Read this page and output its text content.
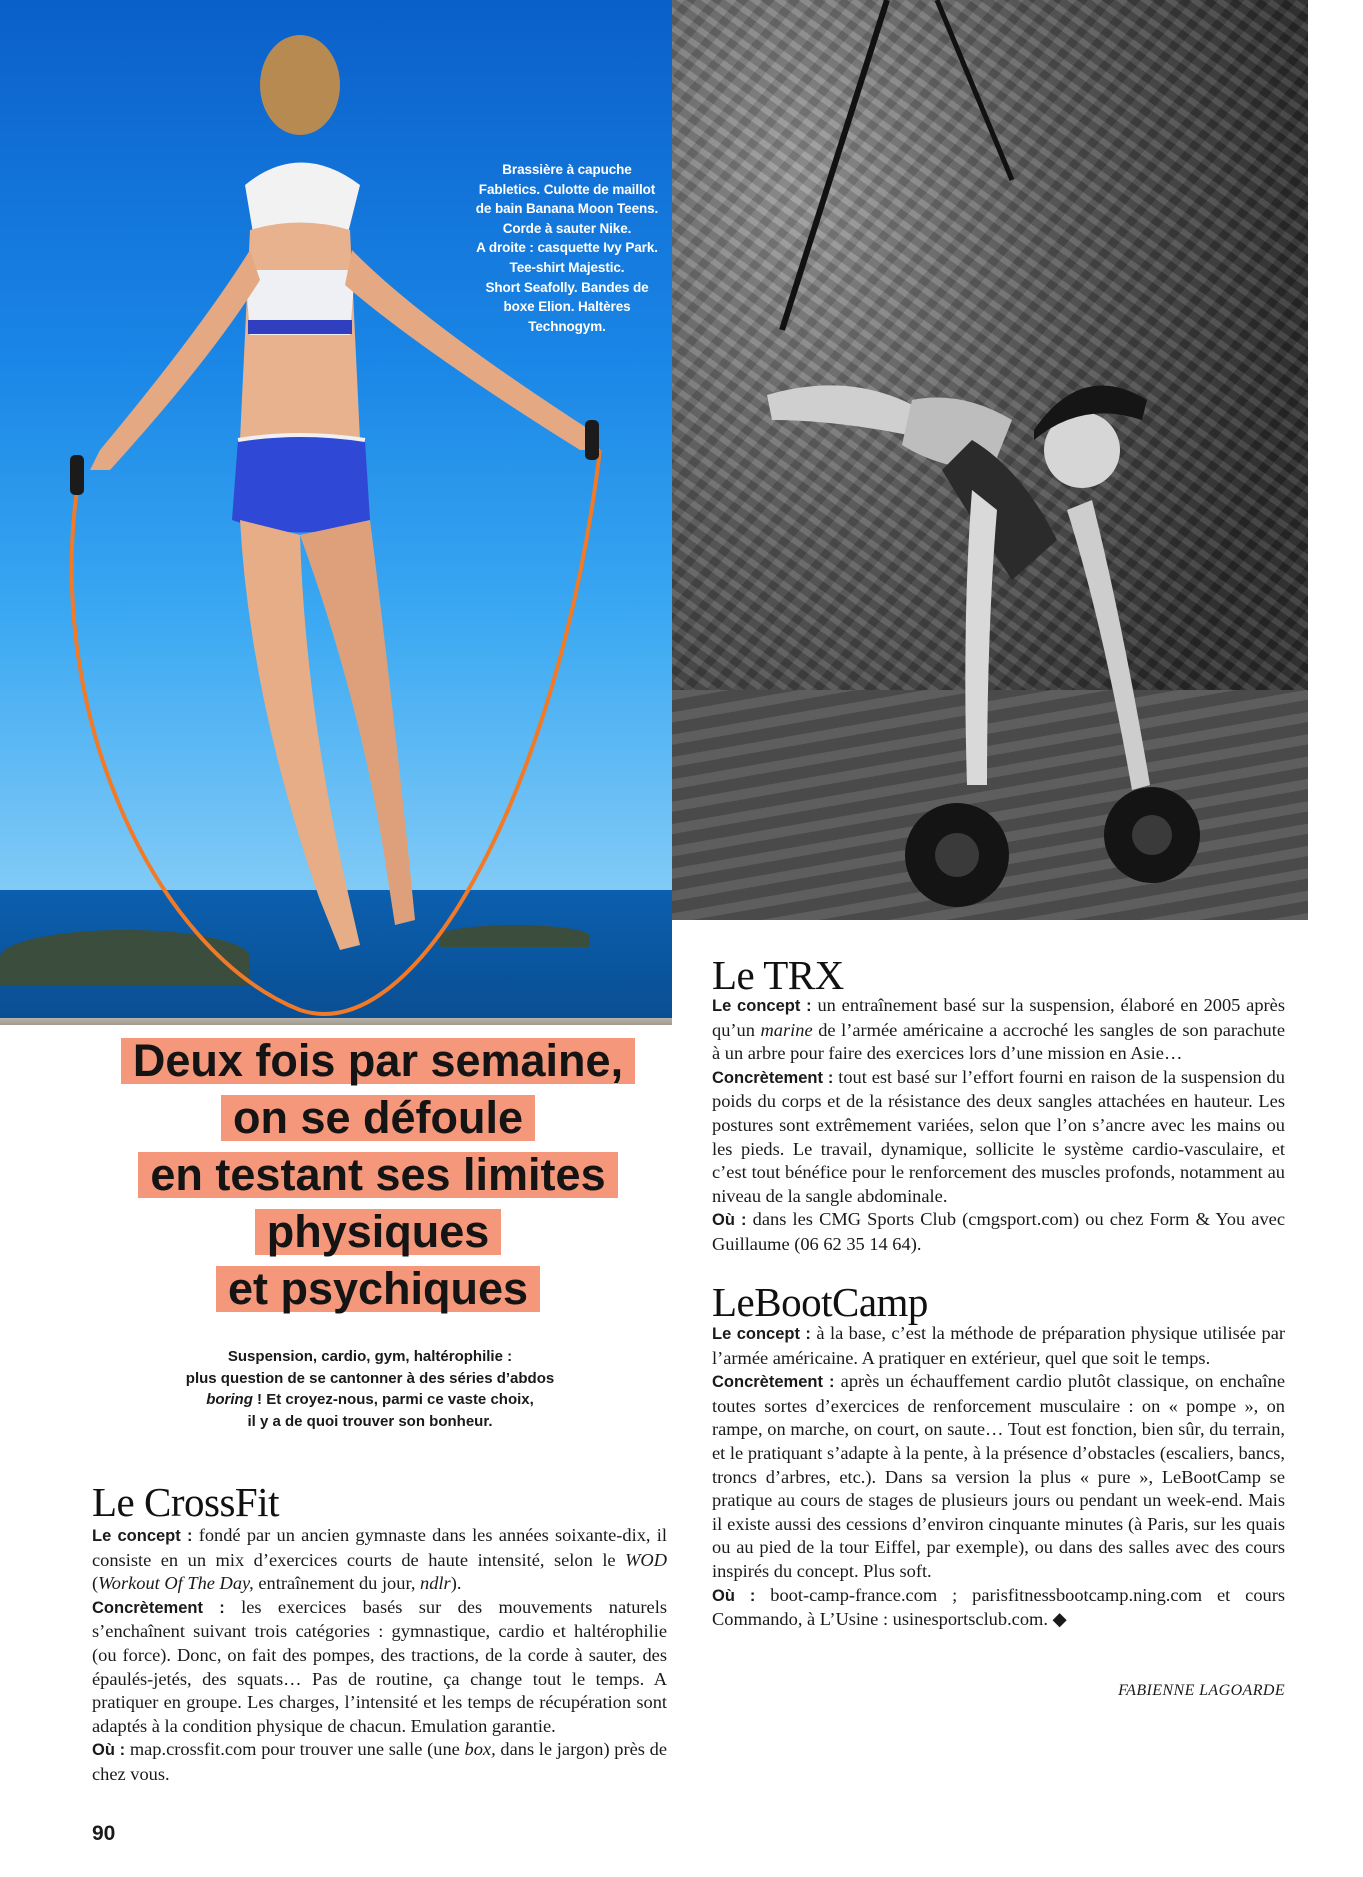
Brassière à capuche
Fabletics. Culotte de maillot
de bain Banana Moon Teens.
Corde à sauter Nike.
A droite : casquette Ivy Park.
Tee-shirt Majestic.
Short Seafolly. Bandes de
boxe Elion. Haltères
Technogym.
Deux fois par semaine,
on se défoule
en testant ses limites
physiques
et psychiques
Suspension, cardio, gym, haltérophilie :
plus question de se cantonner à des séries d’abdos
boring ! Et croyez-nous, parmi ce vaste choix,
il y a de quoi trouver son bonheur.
Le CrossFit

Le concept : fondé par un ancien gymnaste dans les années soixante-dix, il consiste en un mix d’exercices courts de haute intensité, selon le WOD (Workout Of The Day, entraînement du jour, ndlr).

Concrètement : les exercices basés sur des mouvements naturels s’enchaînent suivant trois catégories : gymnastique, cardio et haltérophilie (ou force). Donc, on fait des pompes, des tractions, de la corde à sauter, des épaulés-jetés, des squats… Pas de routine, ça change tout le temps. A pratiquer en groupe. Les charges, l’intensité et les temps de récupération sont adaptés à la condition physique de chacun. Emulation garantie.

Où : map.crossfit.com pour trouver une salle (une box, dans le jargon) près de chez vous.

Le TRX

Le concept : un entraînement basé sur la suspension, élaboré en 2005 après qu’un marine de l’armée américaine a accroché les sangles de son parachute à un arbre pour faire des exercices lors d’une mission en Asie…

Concrètement : tout est basé sur l’effort fourni en raison de la suspension du poids du corps et de la résistance des deux sangles attachées en hauteur. Les postures sont extrêmement variées, selon que l’on s’ancre avec les mains ou les pieds. Le travail, dynamique, sollicite le système cardio-vasculaire, et c’est tout bénéfice pour le renforcement des muscles profonds, notamment au niveau de la sangle abdominale.

Où : dans les CMG Sports Club (cmgsport.com) ou chez Form & You avec Guillaume (06 62 35 14 64).

LeBootCamp

Le concept : à la base, c’est la méthode de préparation physique utilisée par l’armée américaine. A pratiquer en extérieur, quel que soit le temps.

Concrètement : après un échauffement cardio plutôt classique, on enchaîne toutes sortes d’exercices de renforcement musculaire : on « pompe », on rampe, on marche, on court, on saute… Tout est fonction, bien sûr, du terrain, et le pratiquant s’adapte à la pente, à la présence d’obstacles (escaliers, bancs, troncs d’arbres, etc.). Dans sa version la plus « pure », LeBootCamp se pratique au cours de stages de plusieurs jours ou pendant un week-end. Mais il existe aussi des cessions d’environ cinquante minutes (à Paris, sur les quais ou au pied de la tour Eiffel, par exemple), ou dans des salles avec des cours inspirés du concept. Plus soft.

Où : boot-camp-france.com ; parisfitnessbootcamp.ning.com et cours Commando, à L’Usine : usinesportsclub.com. ◆

FABIENNE LAGOARDE
90
